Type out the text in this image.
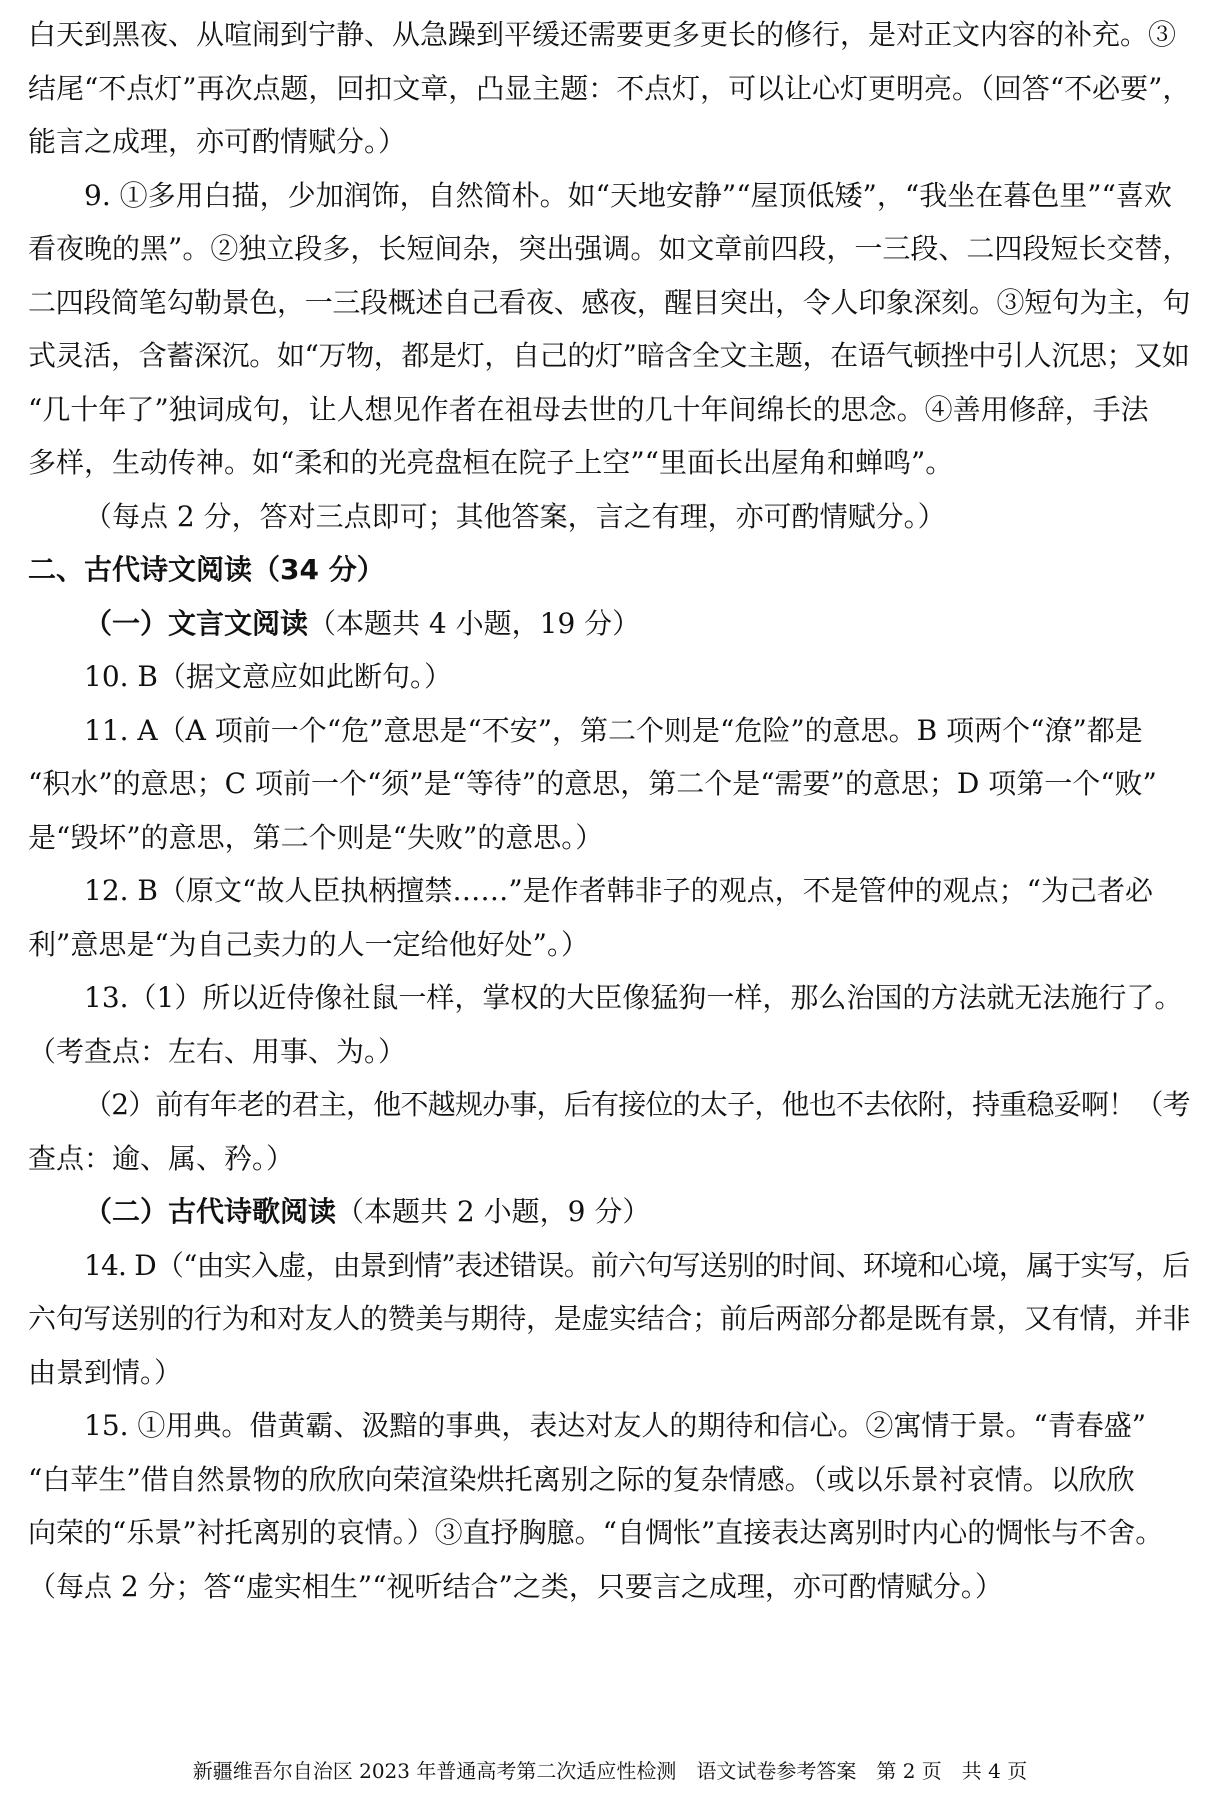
白天到黑夜、从喧闹到宁静、从急躁到平缓还需要更多更长的修行，是对正文内容的补充。③
结尾“不点灯”再次点题，回扣文章，凸显主题：不点灯，可以让心灯更明亮。（回答“不必要”，
能言之成理，亦可酌情赋分。）
9. ①多用白描，少加润饰，自然简朴。如“天地安静”“屋顶低矮”，“我坐在暮色里”“喜欢
看夜晚的黑”。②独立段多，长短间杂，突出强调。如文章前四段，一三段、二四段短长交替，
二四段简笔勾勒景色，一三段概述自己看夜、感夜，醒目突出，令人印象深刻。③短句为主，句
式灵活，含蓄深沉。如“万物，都是灯，自己的灯”暗含全文主题，在语气顿挫中引人沉思；又如
“几十年了”独词成句，让人想见作者在祖母去世的几十年间绵长的思念。④善用修辞，手法
多样，生动传神。如“柔和的光亮盘桓在院子上空”“里面长出屋角和蝉鸣”。
（每点 2 分，答对三点即可；其他答案，言之有理，亦可酌情赋分。）
二、古代诗文阅读（34 分）
（一）文言文阅读（本题共 4 小题，19 分）
10. B（据文意应如此断句。）
11. A（A 项前一个“危”意思是“不安”，第二个则是“危险”的意思。B 项两个“潦”都是
“积水”的意思；C 项前一个“须”是“等待”的意思，第二个是“需要”的意思；D 项第一个“败”
是“毁坏”的意思，第二个则是“失败”的意思。）
12. B（原文“故人臣执柄擅禁……”是作者韩非子的观点，不是管仲的观点；“为己者必
利”意思是“为自己卖力的人一定给他好处”。）
13.（1）所以近侍像社鼠一样，掌权的大臣像猛狗一样，那么治国的方法就无法施行了。
（考查点：左右、用事、为。）
（2）前有年老的君主，他不越规办事，后有接位的太子，他也不去依附，持重稳妥啊！（考
查点：逾、属、矜。）
（二）古代诗歌阅读（本题共 2 小题，9 分）
14. D（“由实入虚，由景到情”表述错误。前六句写送别的时间、环境和心境，属于实写，后
六句写送别的行为和对友人的赞美与期待，是虚实结合；前后两部分都是既有景，又有情，并非
由景到情。）
15. ①用典。借黄霸、汲黯的事典，表达对友人的期待和信心。②寓情于景。“青春盛”
“白苹生”借自然景物的欣欣向荣渲染烘托离别之际的复杂情感。（或以乐景衬哀情。以欣欣
向荣的“乐景”衬托离别的哀情。）③直抒胸臆。“自惆怅”直接表达离别时内心的惆怅与不舍。
（每点 2 分；答“虚实相生”“视听结合”之类，只要言之成理，亦可酌情赋分。）
新疆维吾尔自治区 2023 年普通高考第二次适应性检测　语文试卷参考答案　第 2 页　共 4 页
